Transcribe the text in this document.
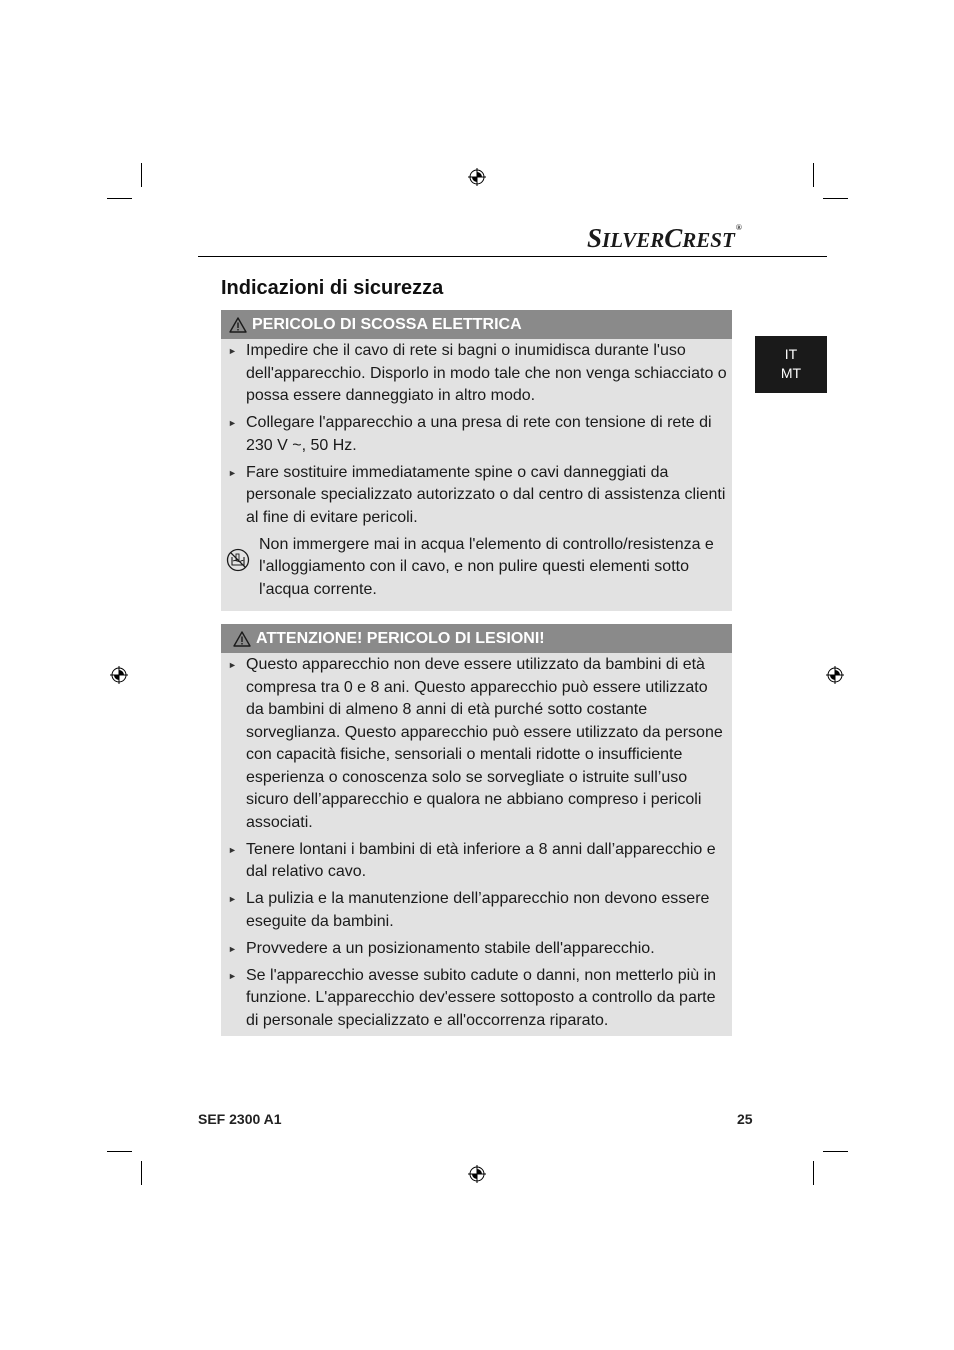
SILVERCREST®
Indicazioni di sicurezza
IT
MT
PERICOLO DI SCOSSA ELETTRICA
► Impedire che il cavo di rete si bagni o inumidisca durante l'uso dell'apparecchio. Disporlo in modo tale che non venga schiacciato o possa essere danneggiato in altro modo.
► Collegare l'apparecchio a una presa di rete con tensione di rete di 230 V ~, 50 Hz.
► Fare sostituire immediatamente spine o cavi danneggiati da personale specializzato autorizzato o dal centro di assistenza clienti al fine di evitare pericoli.
Non immergere mai in acqua l'elemento di controllo/resistenza e l'alloggiamento con il cavo, e non pulire questi elementi sotto l'acqua corrente.
ATTENZIONE! PERICOLO DI LESIONI!
► Questo apparecchio non deve essere utilizzato da bambini di età compresa tra 0 e 8 ani. Questo apparecchio può essere utilizzato da bambini di almeno 8 anni di età purché sotto costante sorveglianza. Questo apparecchio può essere utilizzato da persone con capacità fisiche, sensoriali o mentali ridotte o insufficiente esperienza o conoscenza solo se sorvegliate o istruite sull’uso sicuro dell’apparecchio e qualora ne abbiano compreso i pericoli associati.
► Tenere lontani i bambini di età inferiore a 8 anni dall’apparecchio e dal relativo cavo.
► La pulizia e la manutenzione dell’apparecchio non devono essere eseguite da bambini.
► Provvedere a un posizionamento stabile dell'apparecchio.
► Se l'apparecchio avesse subito cadute o danni, non metterlo più in funzione. L'apparecchio dev'essere sottoposto a controllo da parte di personale specializzato e all'occorrenza riparato.
SEF 2300 A1	25
